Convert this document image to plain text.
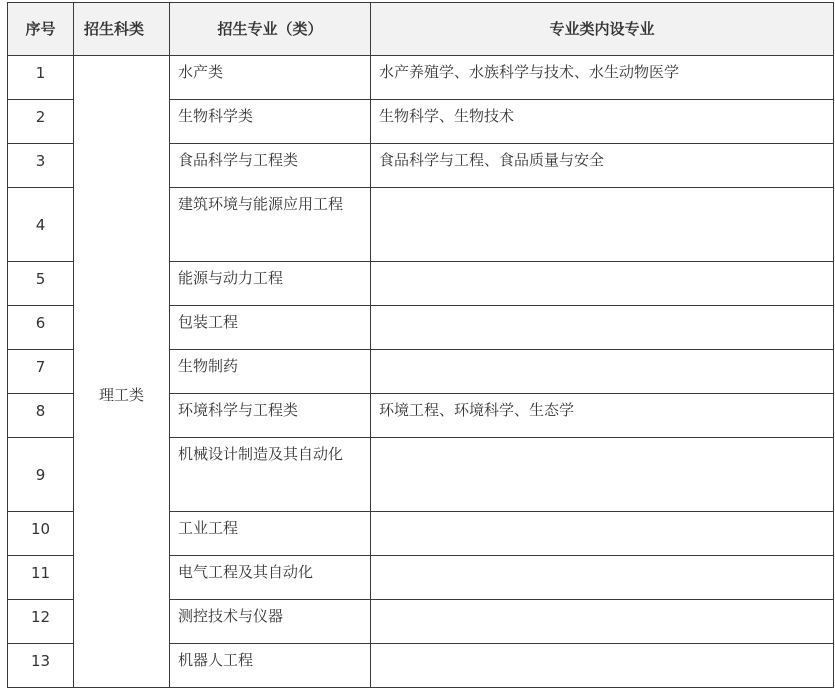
序号	招生科类	招生专业（类）	专业类内设专业
1	理工类	水产类	水产养殖学、水族科学与技术、水生动物医学
2		生物科学类	生物科学、生物技术
3		食品科学与工程类	食品科学与工程、食品质量与安全
4		建筑环境与能源应用工程	
5		能源与动力工程	
6		包装工程	
7		生物制药	
8		环境科学与工程类	环境工程、环境科学、生态学
9		机械设计制造及其自动化	
10		工业工程	
11		电气工程及其自动化	
12		测控技术与仪器	
13		机器人工程	
